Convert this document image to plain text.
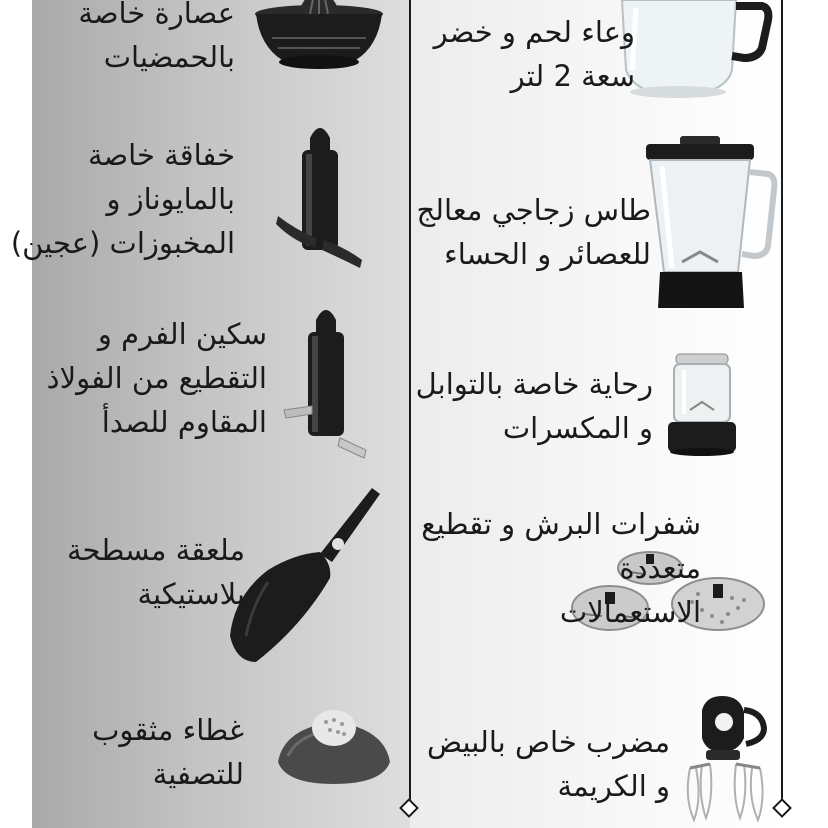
عصارة خاصة
بالحمضيات
خفاقة خاصة
بالمايوناز و
المخبوزات (عجين)
سكين الفرم و
التقطيع من الفولاذ
المقاوم للصدأ
ملعقة مسطحة
بلاستيكية
غطاء مثقوب
للتصفية
وعاء لحم و خضر
سعة 2 لتر
طاس زجاجي معالج
للعصائر و الحساء
رحاية خاصة بالتوابل
و المكسرات
شفرات البرش و تقطيع
متعددة
الاستعمالات
مضرب خاص بالبيض
و الكريمة
